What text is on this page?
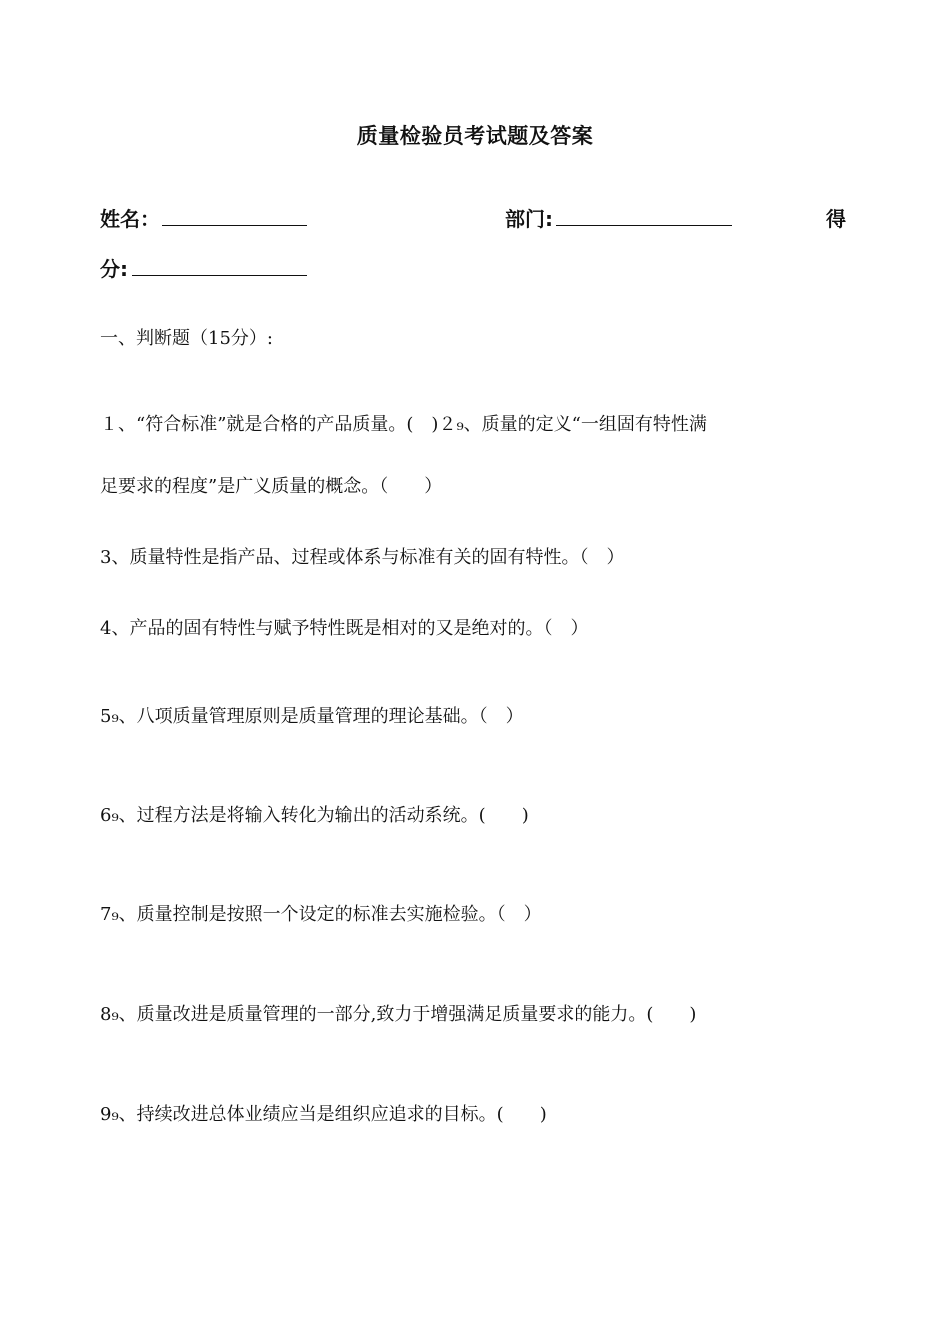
质量检验员考试题及答案
姓名：	部门:	得
分:
一、判断题（15分）:
１、“符合标准”就是合格的产品质量。(　)２₉、质量的定义“一组固有特性满
足要求的程度”是广义质量的概念。（　　）
3、质量特性是指产品、过程或体系与标准有关的固有特性。（　）
4、产品的固有特性与赋予特性既是相对的又是绝对的。（　）
5₉、八项质量管理原则是质量管理的理论基础。（　）
6₉、过程方法是将输入转化为输出的活动系统。(　　)
7₉、质量控制是按照一个设定的标准去实施检验。（　）
8₉、质量改进是质量管理的一部分,致力于增强满足质量要求的能力。(　　)
9₉、持续改进总体业绩应当是组织应追求的目标。(　　)
